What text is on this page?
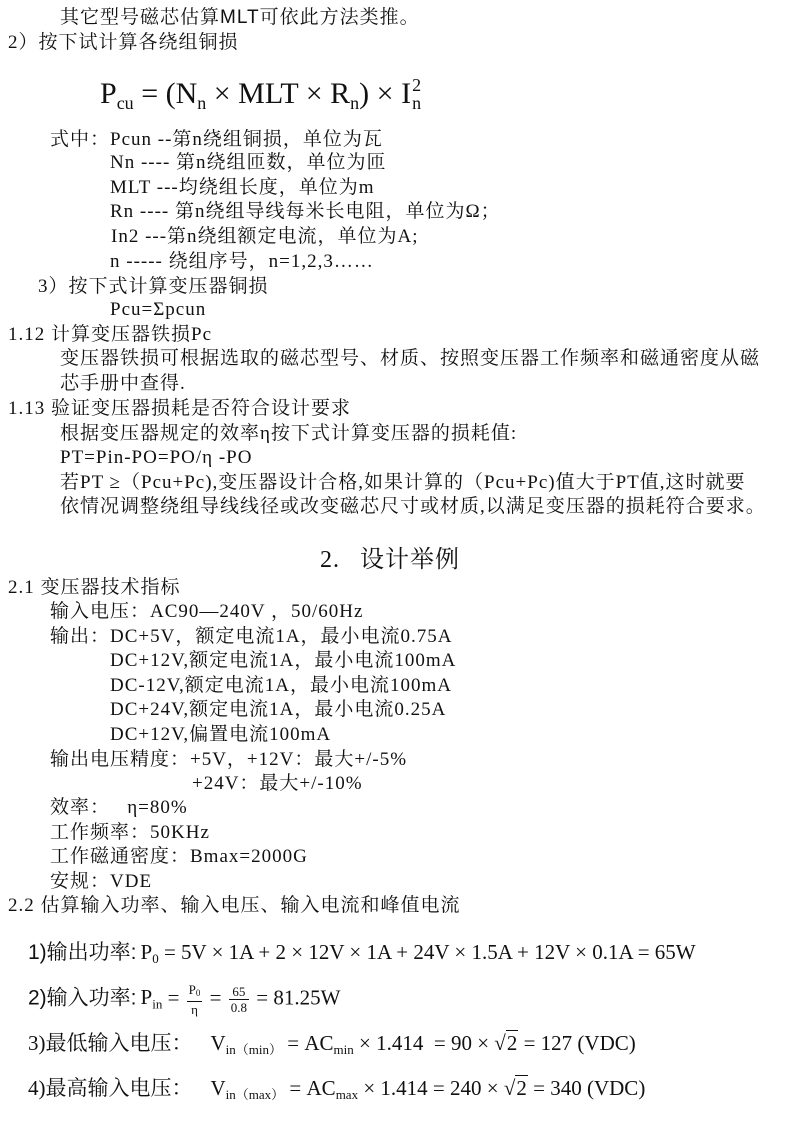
其它型号磁芯估算MLT可依此方法类推。
2）按下试计算各绕组铜损
$P_{cu} = (N_n$ × MLT × $R_n) \times I$ 2
n
式中：Pcun --第n绕组铜损，单位为瓦
Nn ---- 第n绕组匝数，单位为匝
MLT ---均绕组长度，单位为m
Rn ---- 第n绕组导线每米长电阻，单位为Ω；
In2 ---第n绕组额定电流，单位为A;
n ----- 绕组序号，n=1,2,3……
3）按下式计算变压器铜损
Pcu=Σpcun
1.12 计算变压器铁损Pc
变压器铁损可根据选取的磁芯型号、材质、按照变压器工作频率和磁通密度从磁
芯手册中查得.
1.13 验证变压器损耗是否符合设计要求
根据变压器规定的效率η按下式计算变压器的损耗值:
PT=Pin-PO=PO/η -PO
若PT ≥（Pcu+Pc),变压器设计合格,如果计算的（Pcu+Pc)值大于PT值,这时就要
依情况调整绕组导线线径或改变磁芯尺寸或材质,以满足变压器的损耗符合要求。
2. 设计举例
2.1 变压器技术指标
输入电压：AC90—240V ，50/60Hz
输出：DC+5V，额定电流1A，最小电流0.75A
DC+12V,额定电流1A，最小电流100mA
DC-12V,额定电流1A，最小电流100mA
DC+24V,额定电流1A，最小电流0.25A
DC+12V,偏置电流100mA
输出电压精度：+5V，+12V：最大+/-5%
+24V：最大+/-10%
效率：   η=80%
工作频率：50KHz
工作磁通密度：Bmax=2000G
安规：VDE
2.2 估算输入功率、输入电压、输入电流和峰值电流
1)输出功率: P0 = 5V × 1A + 2 × 12V × 1A + 24V × 1.5A + 12V × 0.1A = 65W
2)输入功率: Pin = $\frac{P0}{\eta} = \frac{65}{0.8} = 81.25W$
3)最低输入电压： Vin（min） = ACmin × 1.414  = 90 × √2 = 127 (VDC)
4)最高输入电压： Vin（max） = ACmax × 1.414 = 240 × √2 = 340 (VDC)
